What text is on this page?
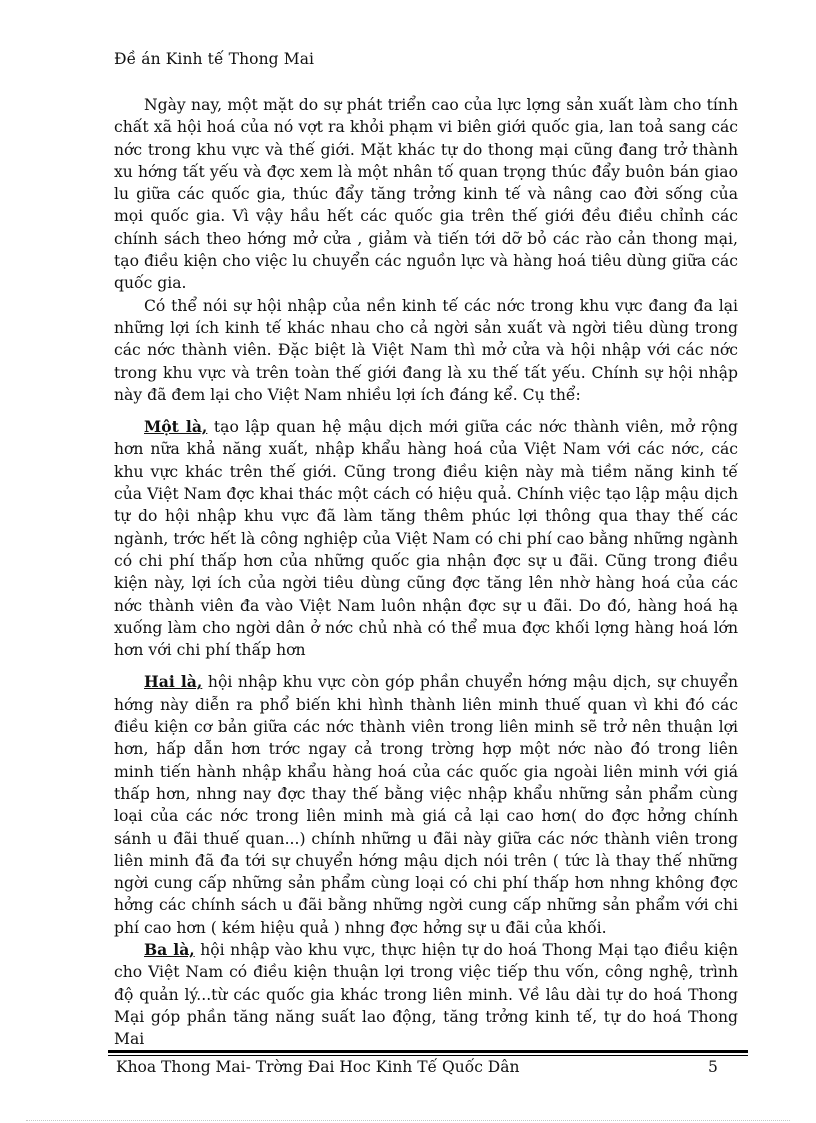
Đề án Kinh tế Thong Mai

Ngày nay, một mặt do sự phát triển cao của lực lợng sản xuất làm cho tính chất xã hội hoá của nó vợt ra khỏi phạm vi biên giới quốc gia, lan toả sang các nớc trong khu vực và thế giới. Mặt khác tự do thong mại cũng đang trở thành xu hớng tất yếu và đợc xem là một nhân tố quan trọng thúc đẩy buôn bán giao lu giữa các quốc gia, thúc đẩy tăng trởng kinh tế và nâng cao đời sống của mọi quốc gia. Vì vậy hầu hết các quốc gia trên thế giới đều điều chỉnh các chính sách theo hớng mở cửa , giảm và tiến tới dỡ bỏ các rào cản thong mại, tạo điều kiện cho việc lu chuyển các nguồn lực và hàng hoá tiêu dùng giữa các quốc gia.

Có thể nói sự hội nhập của nền kinh tế các nớc trong khu vực đang đa lại những lợi ích kinh tế khác nhau cho cả ngời sản xuất và ngời tiêu dùng trong các nớc thành viên. Đặc biệt là Việt Nam thì mở cửa và hội nhập với các nớc trong khu vực và trên toàn thế giới đang là xu thế tất yếu. Chính sự hội nhập này đã đem lại cho Việt Nam nhiều lợi ích đáng kể. Cụ thể:

Một là, tạo lập quan hệ mậu dịch mới giữa các nớc thành viên, mở rộng hơn nữa khả năng xuất, nhập khẩu hàng hoá của Việt Nam với các nớc, các khu vực khác trên thế giới. Cũng trong điều kiện này mà tiềm năng kinh tế của Việt Nam đợc khai thác một cách có hiệu quả. Chính việc tạo lập mậu dịch tự do hội nhập khu vực đã làm tăng thêm phúc lợi thông qua thay thế các ngành, trớc hết là công nghiệp của Việt Nam có chi phí cao bằng những ngành có chi phí thấp hơn của những quốc gia nhận đợc sự u đãi. Cũng trong điều kiện này, lợi ích của ngời tiêu dùng cũng đợc tăng lên nhờ hàng hoá của các nớc thành viên đa vào Việt Nam luôn nhận đợc sự u đãi. Do đó, hàng hoá hạ xuống làm cho ngời dân ở nớc chủ nhà có thể mua đợc khối lợng hàng hoá lớn hơn với chi phí thấp hơn

Hai là, hội nhập khu vực còn góp phần chuyển hớng mậu dịch, sự chuyển hớng này diễn ra phổ biến khi hình thành liên minh thuế quan vì khi đó các điều kiện cơ bản giữa các nớc thành viên trong liên minh sẽ trở nên thuận lợi hơn, hấp dẫn hơn trớc ngay cả trong trờng hợp một nớc nào đó trong liên minh tiến hành nhập khẩu hàng hoá của các quốc gia ngoài liên minh với giá thấp hơn, nhng nay đợc thay thế bằng việc nhập khẩu những sản phẩm cùng loại của các nớc trong liên minh mà giá cả lại cao hơn( do đợc hởng chính sánh u đãi thuế quan...) chính những u đãi này giữa các nớc thành viên trong liên minh đã đa tới sự chuyển hớng mậu dịch nói trên ( tức là thay thế những ngời cung cấp những sản phẩm cùng loại có chi phí thấp hơn nhng không đợc hởng các chính sách u đãi bằng những ngời cung cấp những sản phẩm với chi phí cao hơn ( kém hiệu quả ) nhng đợc hởng sự u đãi của khối.

Ba là, hội nhập vào khu vực, thực hiện tự do hoá Thong Mại tạo điều kiện cho Việt Nam có điều kiện thuận lợi trong việc tiếp thu vốn, công nghệ, trình độ quản lý...từ các quốc gia khác trong liên minh. Về lâu dài tự do hoá Thong Mại góp phần tăng năng suất lao động, tăng trởng kinh tế, tự do hoá Thong Mai

Khoa Thong Mai- Trờng Đai Hoc Kinh Tế Quốc Dân	5
